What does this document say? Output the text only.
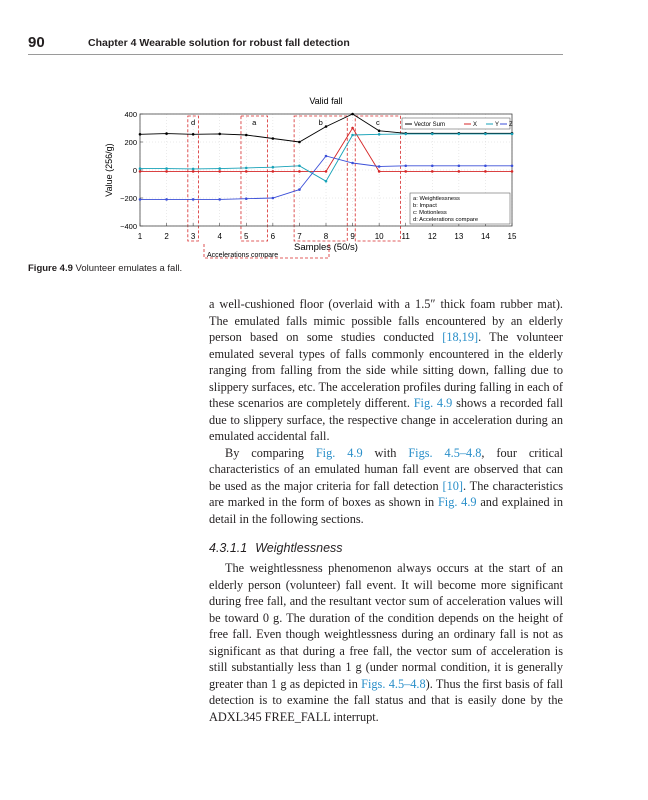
90	Chapter 4 Wearable solution for robust fall detection
d	a	b	c
1	2	3	4	5	6	7	8	9 10 11 12 13 14 15
400
200
0
−200
−400
Valid fall
Samples (50/s)
Value (256/g)
Vector Sum	X	Y Z
a: Weightlessness
b: Impact
c: Motionless
d: Accelerations compare
Accelerations compare
Figure 4.9 Volunteer emulates a fall.

a well-cushioned floor (overlaid with a 1.5″ thick foam rubber mat). The emulated falls mimic possible falls encountered by an elderly person based on some studies conducted [18,19]. The volunteer emulated several types of falls commonly encountered in the elderly ranging from falling from the side while sitting down, falling due to slippery surfaces, etc. The acceleration profiles during falling in each of these scenarios are completely different. Fig. 4.9 shows a recorded fall due to slippery surface, the respective change in acceleration during an emulated accidental fall.

By comparing Fig. 4.9 with Figs. 4.5–4.8, four critical characteristics of an emulated human fall event are observed that can be used as the major criteria for fall detection [10]. The characteristics are marked in the form of boxes as shown in Fig. 4.9 and explained in detail in the following sections.

4.3.1.1 Weightlessness

The weightlessness phenomenon always occurs at the start of an elderly person (volunteer) fall event. It will become more significant during free fall, and the resultant vector sum of acceleration values will be toward 0 g. The duration of the condition depends on the height of free fall. Even though weightlessness during an ordinary fall is not as significant as that during a free fall, the vector sum of acceleration is still substantially less than 1 g (under normal condition, it is generally greater than 1 g as depicted in Figs. 4.5–4.8). Thus the first basis of fall detection is to examine the fall status and that is easily done by the ADXL345 FREE_FALL interrupt.
